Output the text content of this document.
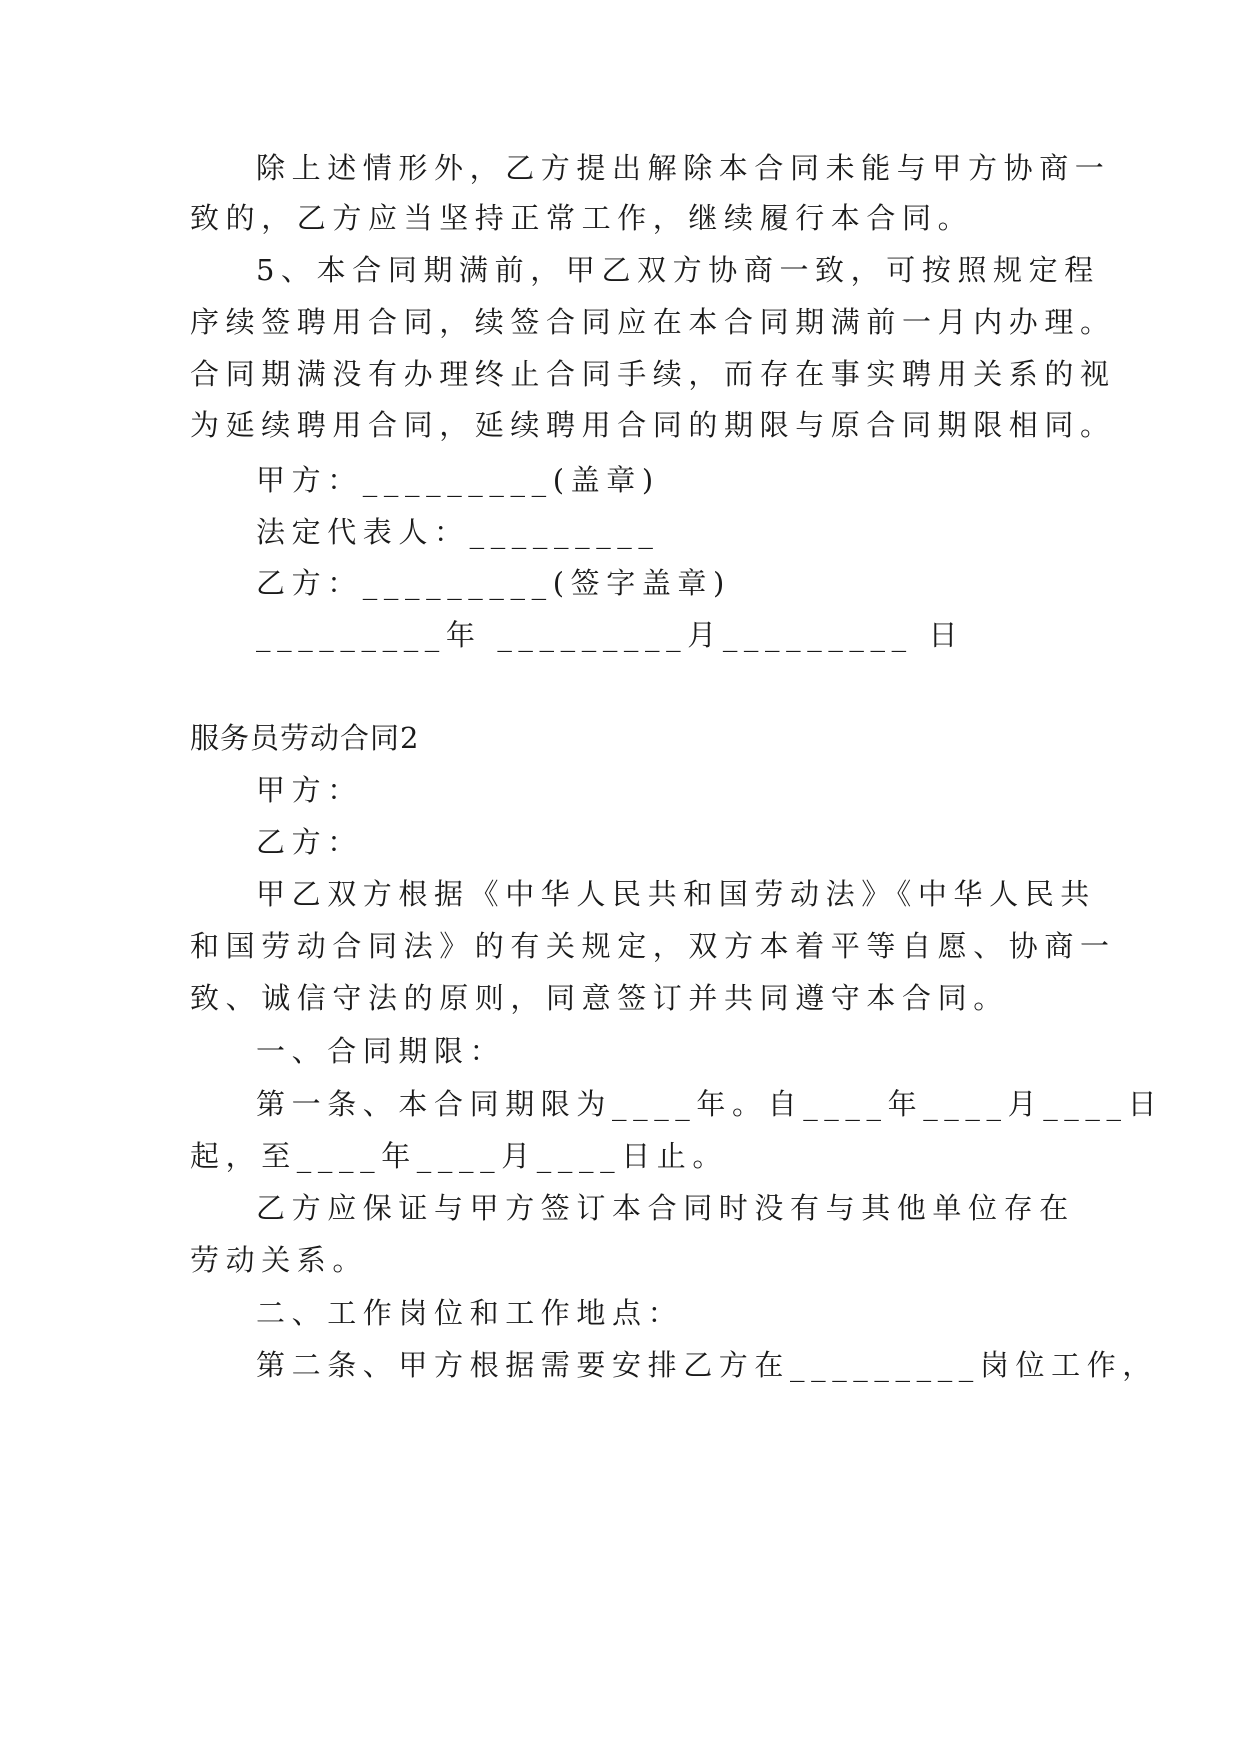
除上述情形外，乙方提出解除本合同未能与甲方协商一

致的，乙方应当坚持正常工作，继续履行本合同。

5、本合同期满前，甲乙双方协商一致，可按照规定程

序续签聘用合同，续签合同应在本合同期满前一月内办理。

合同期满没有办理终止合同手续，而存在事实聘用关系的视

为延续聘用合同，延续聘用合同的期限与原合同期限相同。

甲方：_________(盖章)

法定代表人：_________

乙方：_________(签字盖章)

_________年 _________月_________ 日

服务员劳动合同2

甲方：

乙方：

甲乙双方根据《中华人民共和国劳动法》《中华人民共

和国劳动合同法》的有关规定，双方本着平等自愿、协商一

致、诚信守法的原则，同意签订并共同遵守本合同。

一、合同期限：

第一条、本合同期限为____年。自____年____月____日

起，至____年____月____日止。

乙方应保证与甲方签订本合同时没有与其他单位存在

劳动关系。

二、工作岗位和工作地点：

第二条、甲方根据需要安排乙方在_________岗位工作，
